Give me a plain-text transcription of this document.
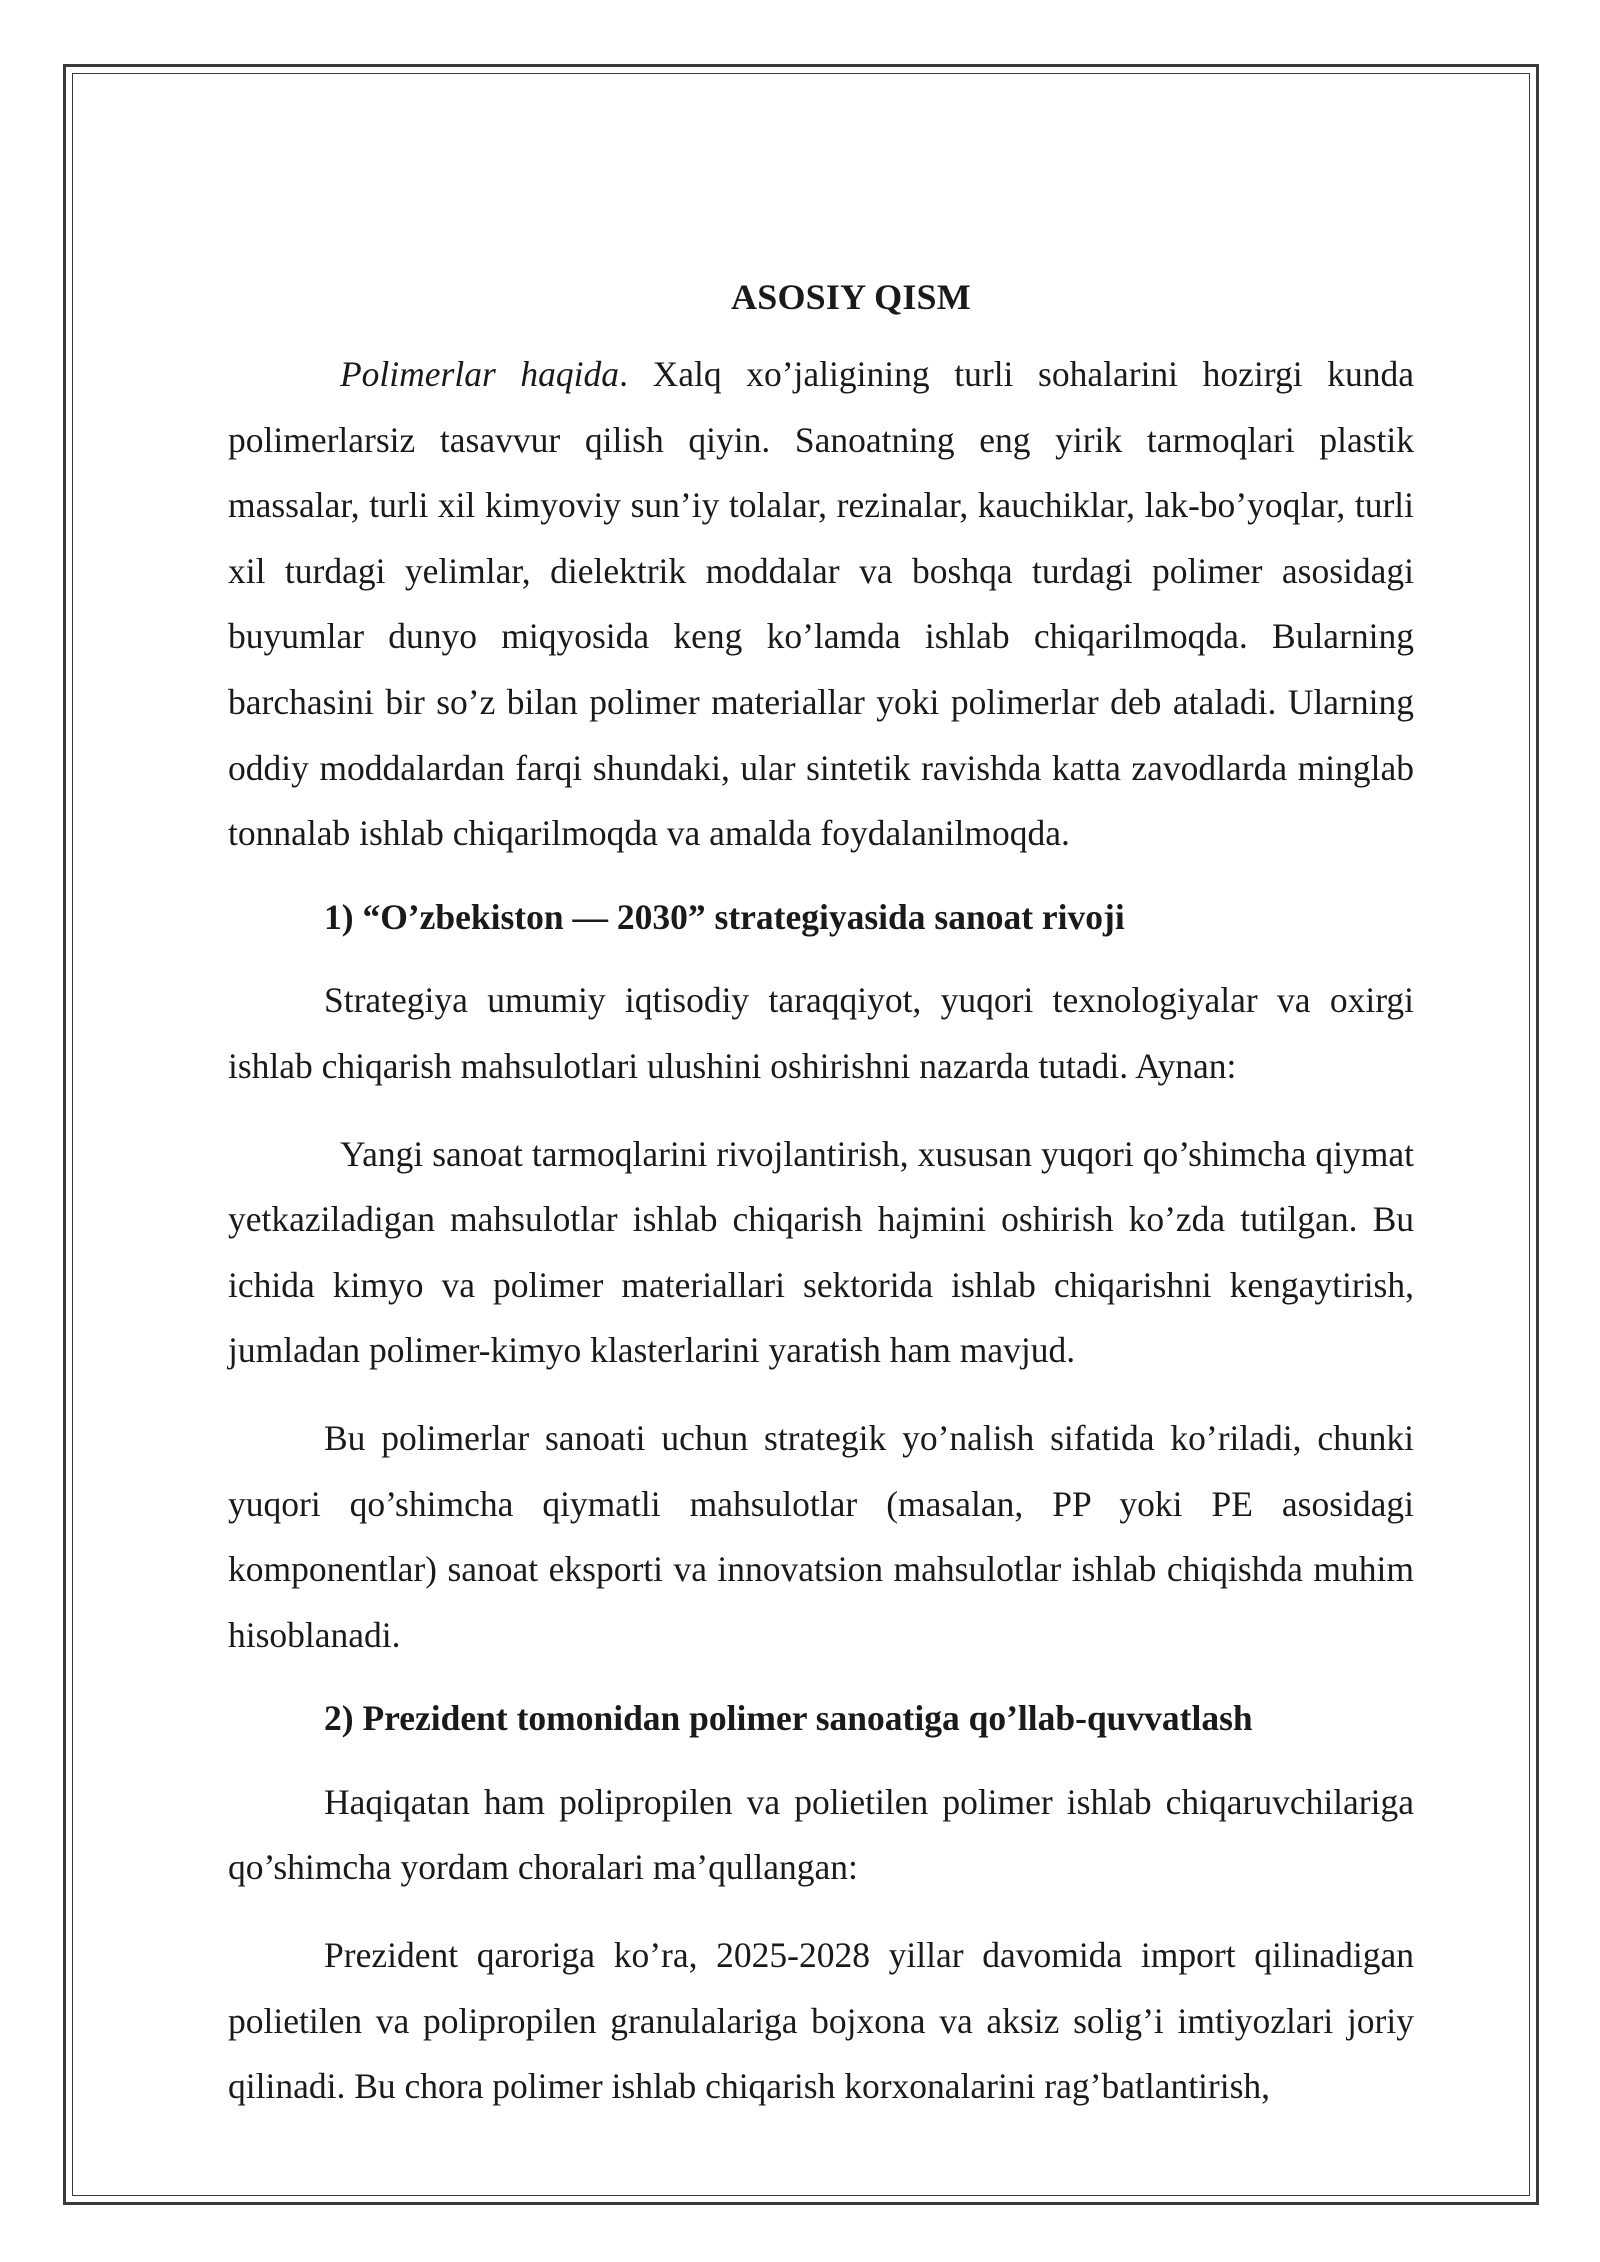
ASOSIY QISM

Polimerlar haqida. Xalq xo’jaligining turli sohalarini hozirgi kunda polimerlarsiz tasavvur qilish qiyin. Sanoatning eng yirik tarmoqlari plastik massalar, turli xil kimyoviy sun’iy tolalar, rezinalar, kauchiklar, lak-bo’yoqlar, turli xil turdagi yelimlar, dielektrik moddalar va boshqa turdagi polimer asosidagi buyumlar dunyo miqyosida keng ko’lamda ishlab chiqarilmoqda. Bularning barchasini bir so’z bilan polimer materiallar yoki polimerlar deb ataladi. Ularning oddiy moddalardan farqi shundaki, ular sintetik ravishda katta zavodlarda minglab tonnalab ishlab chiqarilmoqda va amalda foydalanilmoqda.

1) “O’zbekiston — 2030” strategiyasida sanoat rivoji

Strategiya umumiy iqtisodiy taraqqiyot, yuqori texnologiyalar va oxirgi ishlab chiqarish mahsulotlari ulushini oshirishni nazarda tutadi. Aynan:

Yangi sanoat tarmoqlarini rivojlantirish, xususan yuqori qo’shimcha qiymat yetkaziladigan mahsulotlar ishlab chiqarish hajmini oshirish ko’zda tutilgan. Bu ichida kimyo va polimer materiallari sektorida ishlab chiqarishni kengaytirish, jumladan polimer-kimyo klasterlarini yaratish ham mavjud.

Bu polimerlar sanoati uchun strategik yo’nalish sifatida ko’riladi, chunki yuqori qo’shimcha qiymatli mahsulotlar (masalan, PP yoki PE asosidagi komponentlar) sanoat eksporti va innovatsion mahsulotlar ishlab chiqishda muhim hisoblanadi.

2) Prezident tomonidan polimer sanoatiga qo’llab-quvvatlash

Haqiqatan ham polipropilen va polietilen polimer ishlab chiqaruvchilariga qo’shimcha yordam choralari ma’qullangan:

Prezident qaroriga ko’ra, 2025-2028 yillar davomida import qilinadigan polietilen va polipropilen granulalariga bojxona va aksiz solig’i imtiyozlari joriy qilinadi. Bu chora polimer ishlab chiqarish korxonalarini rag’batlantirish,
